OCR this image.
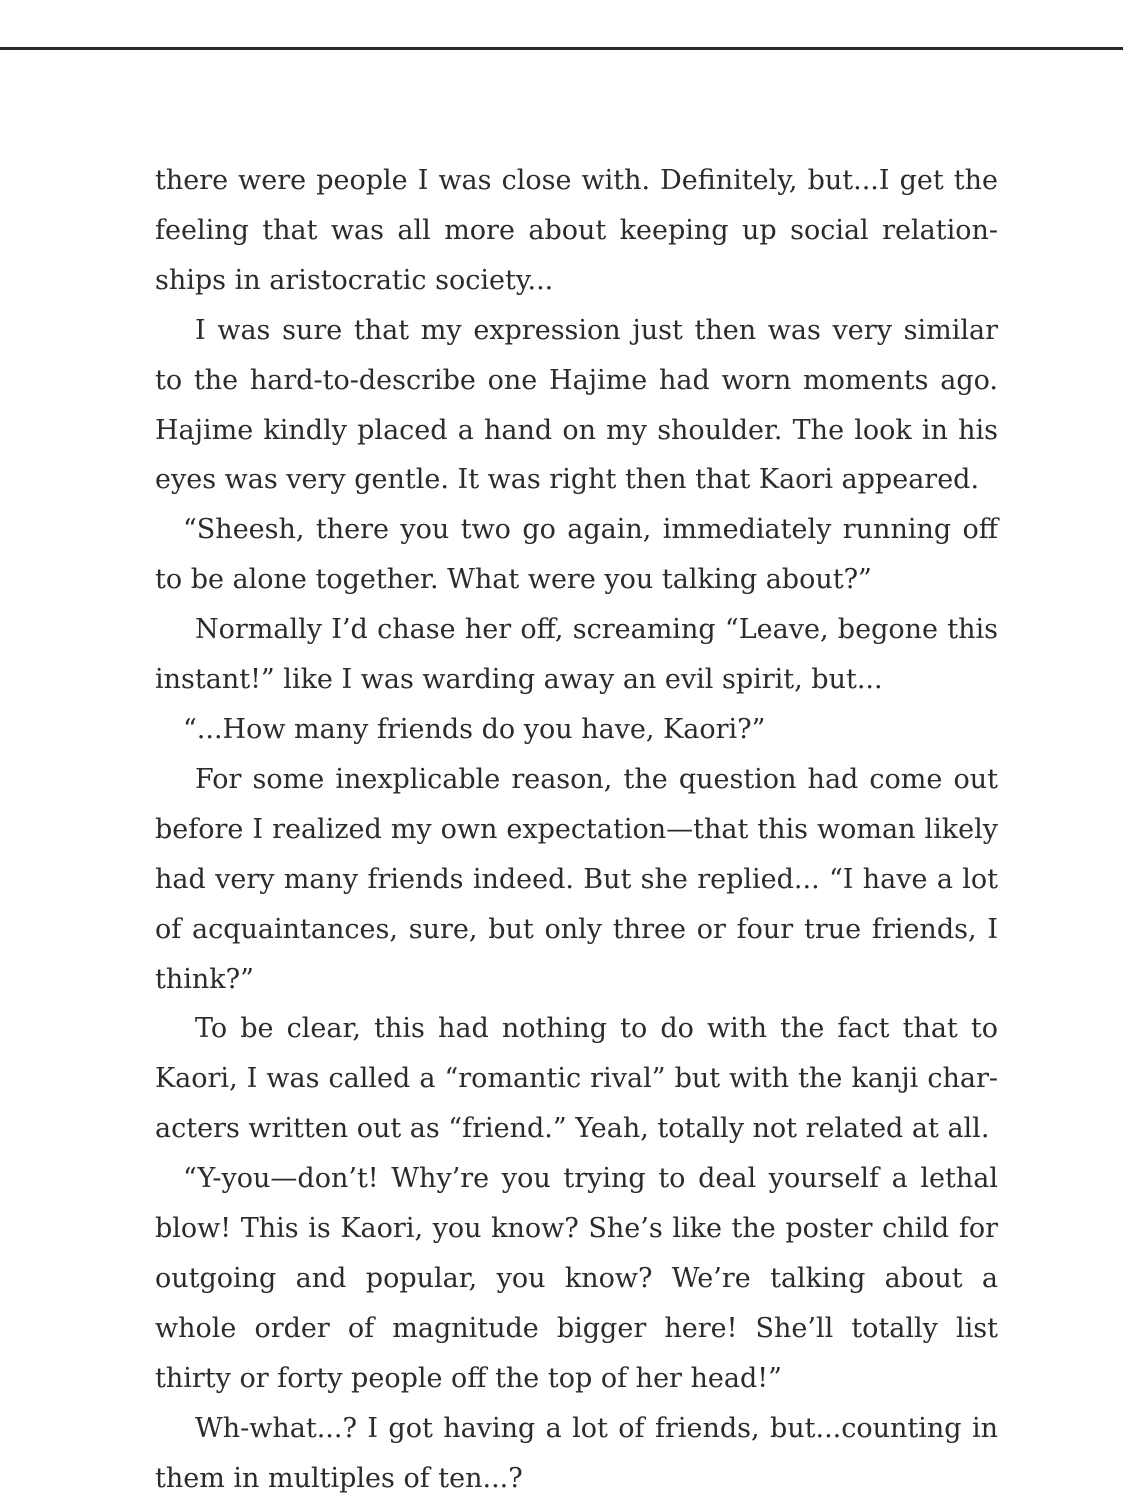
there were people I was close with. Definitely, but...I get the feeling that was all more about keeping up social relationships in aristocratic society...

I was sure that my expression just then was very similar to the hard-to-describe one Hajime had worn moments ago. Hajime kindly placed a hand on my shoulder. The look in his eyes was very gentle. It was right then that Kaori appeared.

“Sheesh, there you two go again, immediately running off to be alone together. What were you talking about?”

Normally I’d chase her off, screaming “Leave, begone this instant!” like I was warding away an evil spirit, but...

“...How many friends do you have, Kaori?”

For some inexplicable reason, the question had come out before I realized my own expectation—that this woman likely had very many friends indeed. But she replied... “I have a lot of acquaintances, sure, but only three or four true friends, I think?”

To be clear, this had nothing to do with the fact that to Kaori, I was called a “romantic rival” but with the kanji characters written out as “friend.” Yeah, totally not related at all.

“Y-you—don’t! Why’re you trying to deal yourself a lethal blow! This is Kaori, you know? She’s like the poster child for outgoing and popular, you know? We’re talking about a whole order of magnitude bigger here! She’ll totally list thirty or forty people off the top of her head!”

Wh-what...? I got having a lot of friends, but...counting in them in multiples of ten...?
